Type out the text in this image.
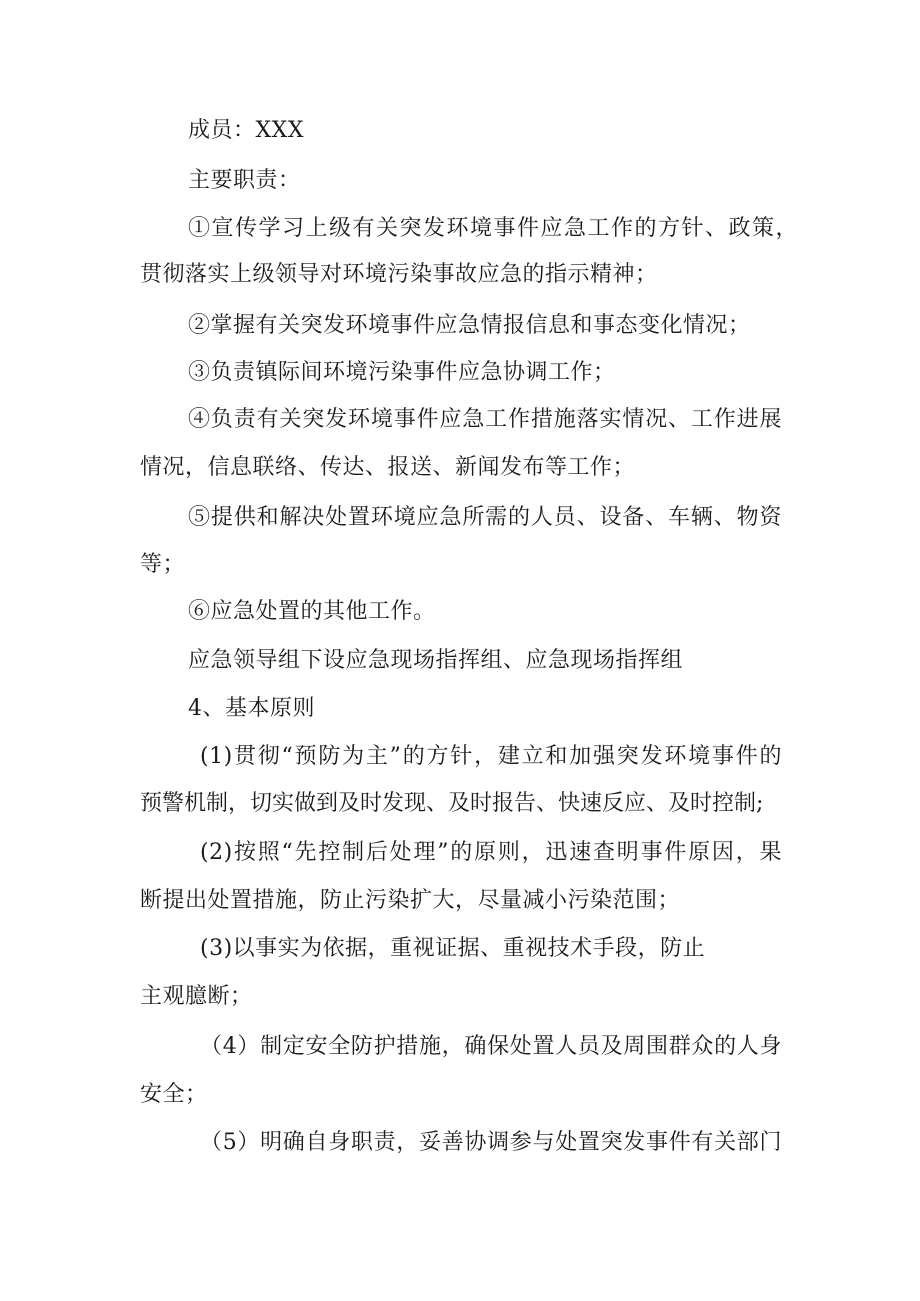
成员：XXX
主要职责：
①宣传学习上级有关突发环境事件应急工作的方针、政策，
贯彻落实上级领导对环境污染事故应急的指示精神；
②掌握有关突发环境事件应急情报信息和事态变化情况；
③负责镇际间环境污染事件应急协调工作；
④负责有关突发环境事件应急工作措施落实情况、工作进展
情况，信息联络、传达、报送、新闻发布等工作；
⑤提供和解决处置环境应急所需的人员、设备、车辆、物资
等；
⑥应急处置的其他工作。
应急领导组下设应急现场指挥组、应急现场指挥组
4、基本原则
(1)贯彻“预防为主”的方针，建立和加强突发环境事件的
预警机制，切实做到及时发现、及时报告、快速反应、及时控制;
(2)按照“先控制后处理”的原则，迅速查明事件原因，果
断提出处置措施，防止污染扩大，尽量减小污染范围；
(3)以事实为依据，重视证据、重视技术手段，防止
主观臆断；
（4）制定安全防护措施，确保处置人员及周围群众的人身
安全；
（5）明确自身职责，妥善协调参与处置突发事件有关部门
